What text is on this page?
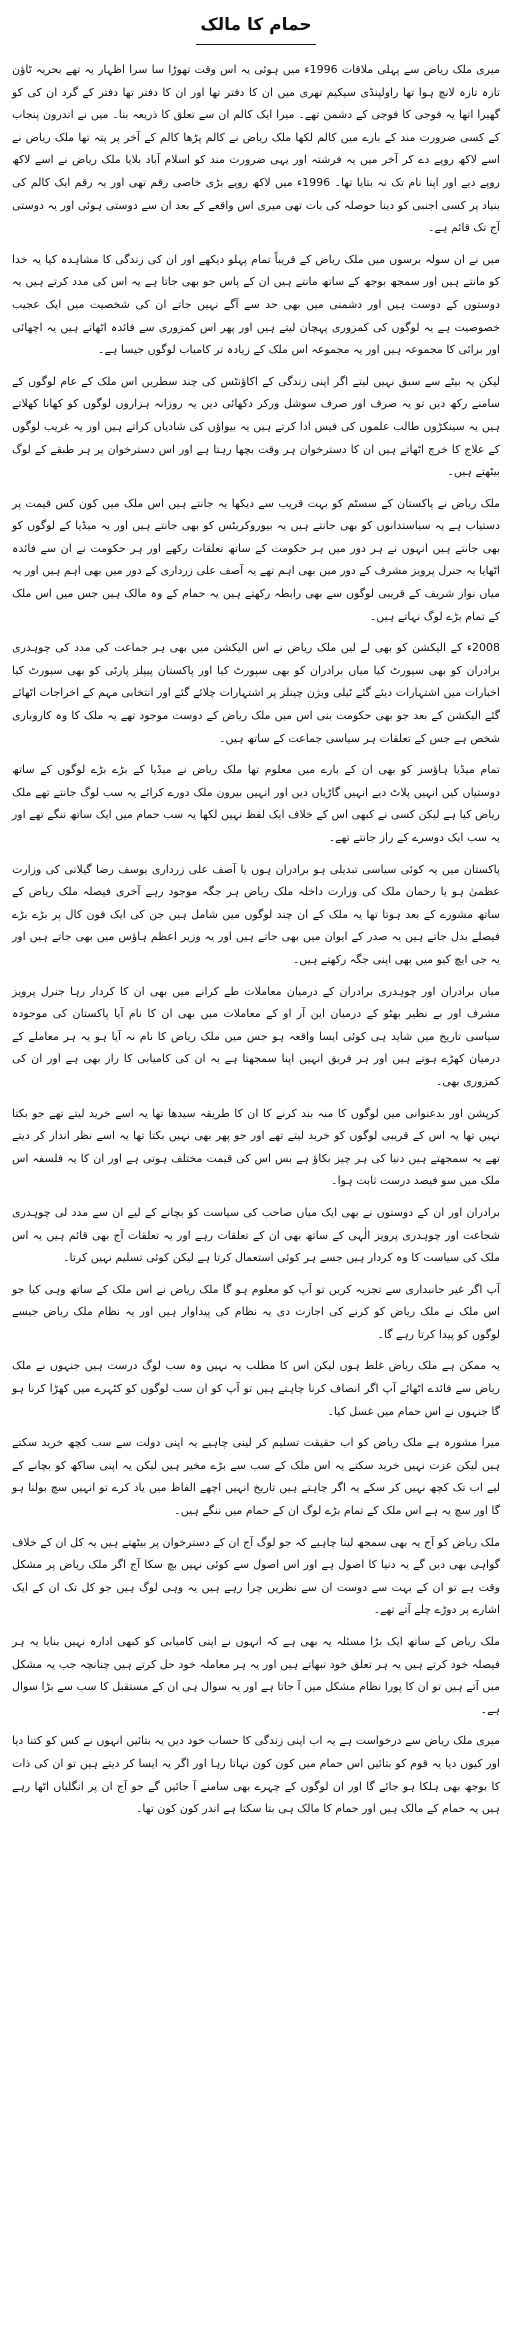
حمام کا مالک

میری ملک ریاض سے پہلی ملاقات 1996ء میں ہوئی یہ اس وقت تھوڑا سا سرا اظہار یہ تھے بحریہ ٹاؤن تازہ تازہ لانچ ہوا تھا راولپنڈی سیکیم تھری میں ان کا دفتر تھا اور ان کا دفتر تھا دفتر کے گرد ان کی کو گھیرا اتھا یہ فوجی کا فوجی کے دشمن تھے۔ میرا ایک کالم ان سے تعلق کا ذریعہ بنا۔ میں نے اندرون پنجاب کے کسی ضرورت مند کے بارے میں کالم لکھا ملک ریاض نے کالم پڑھا کالم کے آخر پر پتہ تھا ملک ریاض نے اسے لاکھ روپے دے کر آخر میں یہ فرشتہ اور یہی ضرورت مند کو اسلام آباد بلایا ملک ریاض نے اسے لاکھ روپے دیے اور اپنا نام تک نہ بتایا تھا۔ 1996ء میں لاکھ روپے بڑی خاصی رقم تھی اور یہ رقم ایک کالم کی بنیاد پر کسی اجنبی کو دینا حوصلہ کی بات تھی میری اس واقعے کے بعد ان سے دوستی ہوئی اور یہ دوستی آج تک قائم ہے۔

میں نے ان سولہ برسوں میں ملک ریاض کے قریباً تمام پہلو دیکھے اور ان کی زندگی کا مشاہدہ کیا یہ خدا کو مانتے ہیں اور سمجھ بوجھ کے ساتھ مانتے ہیں ان کے پاس جو بھی جاتا ہے یہ اس کی مدد کرتے ہیں یہ دوستوں کے دوست ہیں اور دشمنی میں بھی حد سے آگے نہیں جاتے ان کی شخصیت میں ایک عجیب خصوصیت ہے یہ لوگوں کی کمزوری پہچان لیتے ہیں اور پھر اس کمزوری سے فائدہ اٹھاتے ہیں یہ اچھائی اور برائی کا مجموعہ ہیں اور یہ مجموعہ اس ملک کے زیادہ تر کامیاب لوگوں جیسا ہے۔

لیکن یہ بیٹے سے سبق نہیں لیتے اگر اپنی زندگی کے اکاؤنٹس کی چند سطریں اس ملک کے عام لوگوں کے سامنے رکھ دیں تو یہ صرف اور صرف سوشل ورکر دکھائی دیں یہ روزانہ ہزاروں لوگوں کو کھانا کھلاتے ہیں یہ سینکڑوں طالب علموں کی فیس ادا کرتے ہیں یہ بیواؤں کی شادیاں کراتے ہیں اور یہ غریب لوگوں کے علاج کا خرچ اٹھاتے ہیں ان کا دسترخوان ہر وقت بچھا رہتا ہے اور اس دسترخوان پر ہر طبقے کے لوگ بیٹھتے ہیں۔

ملک ریاض نے پاکستان کے سسٹم کو بہت قریب سے دیکھا یہ جانتے ہیں اس ملک میں کون کس قیمت پر دستیاب ہے یہ سیاستدانوں کو بھی جانتے ہیں یہ بیوروکریٹس کو بھی جانتے ہیں اور یہ میڈیا کے لوگوں کو بھی جانتے ہیں انہوں نے ہر دور میں ہر حکومت کے ساتھ تعلقات رکھے اور ہر حکومت نے ان سے فائدہ اٹھایا یہ جنرل پرویز مشرف کے دور میں بھی اہم تھے یہ آصف علی زرداری کے دور میں بھی اہم ہیں اور یہ میاں نواز شریف کے قریبی لوگوں سے بھی رابطہ رکھتے ہیں یہ حمام کے وہ مالک ہیں جس میں اس ملک کے تمام بڑے لوگ نہاتے ہیں۔

2008ء کے الیکشن کو بھی لے لیں ملک ریاض نے اس الیکشن میں بھی ہر جماعت کی مدد کی چوہدری برادران کو بھی سپورٹ کیا میاں برادران کو بھی سپورٹ کیا اور پاکستان پیپلز پارٹی کو بھی سپورٹ کیا اخبارات میں اشتہارات دیئے گئے ٹیلی ویژن چینلز پر اشتہارات چلائے گئے اور انتخابی مہم کے اخراجات اٹھائے گئے الیکشن کے بعد جو بھی حکومت بنی اس میں ملک ریاض کے دوست موجود تھے یہ ملک کا وہ کاروباری شخص ہے جس کے تعلقات ہر سیاسی جماعت کے ساتھ ہیں۔

تمام میڈیا ہاؤسز کو بھی ان کے بارے میں معلوم تھا ملک ریاض نے میڈیا کے بڑے بڑے لوگوں کے ساتھ دوستیاں کیں انہیں پلاٹ دیے انہیں گاڑیاں دیں اور انہیں بیرون ملک دورے کرائے یہ سب لوگ جانتے تھے ملک ریاض کیا ہے لیکن کسی نے کبھی اس کے خلاف ایک لفظ نہیں لکھا یہ سب حمام میں ایک ساتھ ننگے تھے اور یہ سب ایک دوسرے کے راز جانتے تھے۔

پاکستان میں یہ کوئی سیاسی تبدیلی ہو برادران ہوں یا آصف علی زرداری یوسف رضا گیلانی کی وزارت عظمیٰ ہو یا رحمان ملک کی وزارت داخلہ ملک ریاض ہر جگہ موجود رہے آخری فیصلہ ملک ریاض کے ساتھ مشورے کے بعد ہوتا تھا یہ ملک کے ان چند لوگوں میں شامل ہیں جن کی ایک فون کال پر بڑے بڑے فیصلے بدل جاتے ہیں یہ صدر کے ایوان میں بھی جاتے ہیں اور یہ وزیر اعظم ہاؤس میں بھی جاتے ہیں اور یہ جی ایچ کیو میں بھی اپنی جگہ رکھتے ہیں۔

میاں برادران اور چوہدری برادران کے درمیان معاملات طے کرانے میں بھی ان کا کردار رہا جنرل پرویز مشرف اور بے نظیر بھٹو کے درمیان این آر او کے معاملات میں بھی ان کا نام آیا پاکستان کی موجودہ سیاسی تاریخ میں شاید ہی کوئی ایسا واقعہ ہو جس میں ملک ریاض کا نام نہ آیا ہو یہ ہر معاملے کے درمیان کھڑے ہوتے ہیں اور ہر فریق انہیں اپنا سمجھتا ہے یہ ان کی کامیابی کا راز بھی ہے اور ان کی کمزوری بھی۔

کرپشن اور بدعنوانی میں لوگوں کا منہ بند کرنے کا ان کا طریقہ سیدھا تھا یہ اسے خرید لیتے تھے جو بکتا نہیں تھا یہ اس کے قریبی لوگوں کو خرید لیتے تھے اور جو پھر بھی نہیں بکتا تھا یہ اسے نظر انداز کر دیتے تھے یہ سمجھتے ہیں دنیا کی ہر چیز بکاؤ ہے بس اس کی قیمت مختلف ہوتی ہے اور ان کا یہ فلسفہ اس ملک میں سو فیصد درست ثابت ہوا۔

برادران اور ان کے دوستوں نے بھی ایک میاں صاحب کی سیاست کو بچانے کے لیے ان سے مدد لی چوہدری شجاعت اور چوہدری پرویز الٰہی کے ساتھ بھی ان کے تعلقات رہے اور یہ تعلقات آج بھی قائم ہیں یہ اس ملک کی سیاست کا وہ کردار ہیں جسے ہر کوئی استعمال کرتا ہے لیکن کوئی تسلیم نہیں کرتا۔

آپ اگر غیر جانبداری سے تجزیہ کریں تو آپ کو معلوم ہو گا ملک ریاض نے اس ملک کے ساتھ وہی کیا جو اس ملک نے ملک ریاض کو کرنے کی اجازت دی یہ نظام کی پیداوار ہیں اور یہ نظام ملک ریاض جیسے لوگوں کو پیدا کرتا رہے گا۔

یہ ممکن ہے ملک ریاض غلط ہوں لیکن اس کا مطلب یہ نہیں وہ سب لوگ درست ہیں جنہوں نے ملک ریاض سے فائدے اٹھائے آپ اگر انصاف کرنا چاہتے ہیں تو آپ کو ان سب لوگوں کو کٹہرے میں کھڑا کرنا ہو گا جنہوں نے اس حمام میں غسل کیا۔

میرا مشورہ ہے ملک ریاض کو اب حقیقت تسلیم کر لینی چاہیے یہ اپنی دولت سے سب کچھ خرید سکتے ہیں لیکن عزت نہیں خرید سکتے یہ اس ملک کے سب سے بڑے مخیر ہیں لیکن یہ اپنی ساکھ کو بچانے کے لیے اب تک کچھ نہیں کر سکے یہ اگر چاہتے ہیں تاریخ انہیں اچھے الفاظ میں یاد کرے تو انہیں سچ بولنا ہو گا اور سچ یہ ہے اس ملک کے تمام بڑے لوگ ان کے حمام میں ننگے ہیں۔

ملک ریاض کو آج یہ بھی سمجھ لینا چاہیے کہ جو لوگ آج ان کے دسترخوان پر بیٹھتے ہیں یہ کل ان کے خلاف گواہی بھی دیں گے یہ دنیا کا اصول ہے اور اس اصول سے کوئی نہیں بچ سکا آج اگر ملک ریاض پر مشکل وقت ہے تو ان کے بہت سے دوست ان سے نظریں چرا رہے ہیں یہ وہی لوگ ہیں جو کل تک ان کے ایک اشارے پر دوڑے چلے آتے تھے۔

ملک ریاض کے ساتھ ایک بڑا مسئلہ یہ بھی ہے کہ انہوں نے اپنی کامیابی کو کبھی ادارہ نہیں بنایا یہ ہر فیصلہ خود کرتے ہیں یہ ہر تعلق خود نبھاتے ہیں اور یہ ہر معاملہ خود حل کرتے ہیں چنانچہ جب یہ مشکل میں آتے ہیں تو ان کا پورا نظام مشکل میں آ جاتا ہے اور یہ سوال ہی ان کے مستقبل کا سب سے بڑا سوال ہے۔

میری ملک ریاض سے درخواست ہے یہ اب اپنی زندگی کا حساب خود دیں یہ بتائیں انہوں نے کس کو کتنا دیا اور کیوں دیا یہ قوم کو بتائیں اس حمام میں کون کون نہاتا رہا اور اگر یہ ایسا کر دیتے ہیں تو ان کی ذات کا بوجھ بھی ہلکا ہو جائے گا اور ان لوگوں کے چہرے بھی سامنے آ جائیں گے جو آج ان پر انگلیاں اٹھا رہے ہیں یہ حمام کے مالک ہیں اور حمام کا مالک ہی بتا سکتا ہے اندر کون کون تھا۔
